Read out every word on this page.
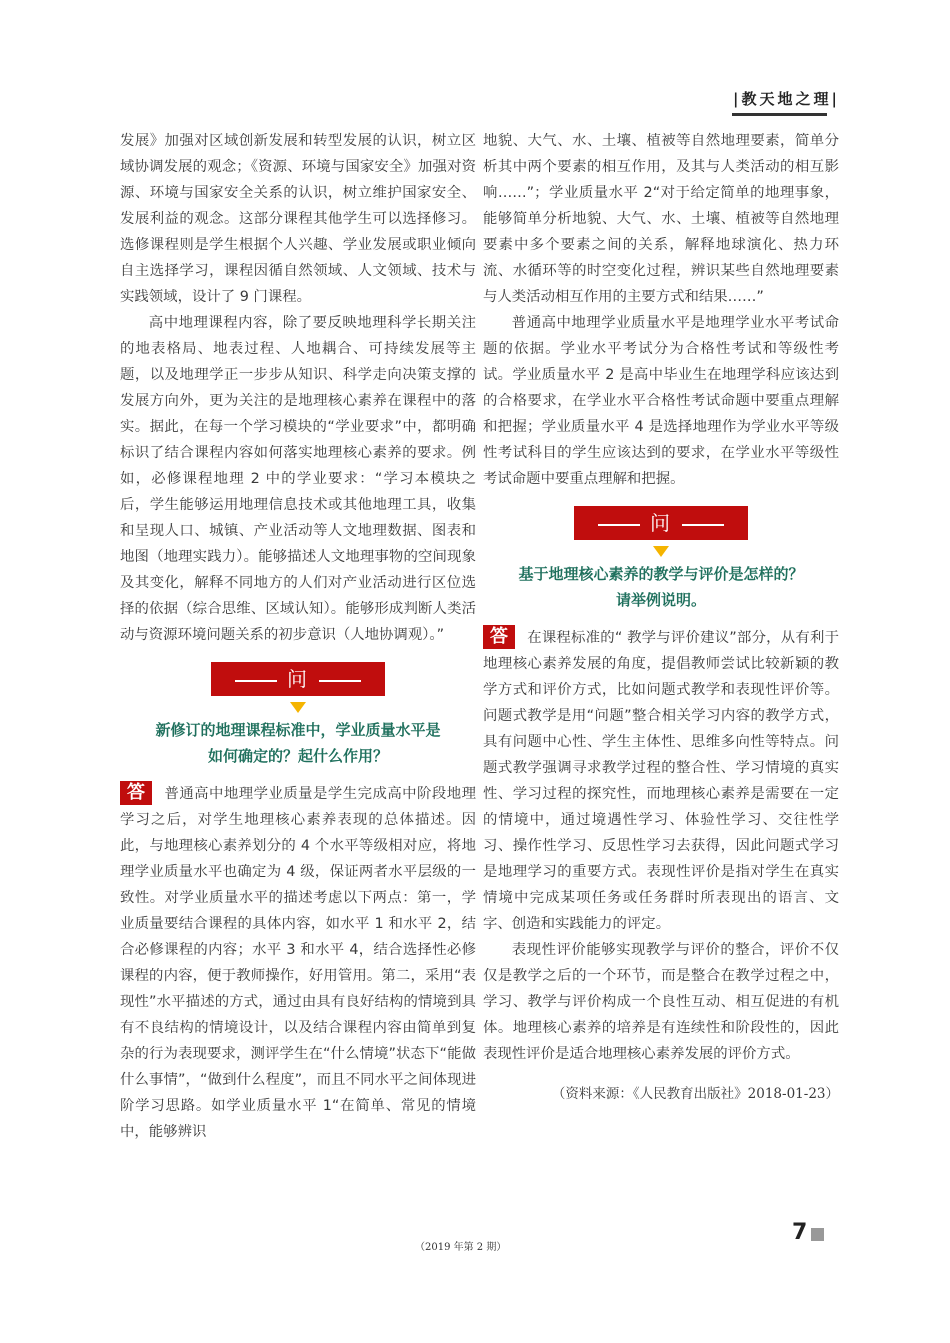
|教天地之理|

发展》加强对区域创新发展和转型发展的认识，树立区域协调发展的观念；《资源、环境与国家安全》加强对资源、环境与国家安全关系的认识，树立维护国家安全、发展利益的观念。这部分课程其他学生可以选择修习。选修课程则是学生根据个人兴趣、学业发展或职业倾向自主选择学习，课程因循自然领域、人文领域、技术与实践领域，设计了 9 门课程。

高中地理课程内容，除了要反映地理科学长期关注的地表格局、地表过程、人地耦合、可持续发展等主题，以及地理学正一步步从知识、科学走向决策支撑的发展方向外，更为关注的是地理核心素养在课程中的落实。据此，在每一个学习模块的“学业要求”中，都明确标识了结合课程内容如何落实地理核心素养的要求。例如，必修课程地理 2 中的学业要求：“学习本模块之后，学生能够运用地理信息技术或其他地理工具，收集和呈现人口、城镇、产业活动等人文地理数据、图表和地图（地理实践力）。能够描述人文地理事物的空间现象及其变化，解释不同地方的人们对产业活动进行区位选择的依据（综合思维、区域认知）。能够形成判断人类活动与资源环境问题关系的初步意识（人地协调观）。”

问
新修订的地理课程标准中，学业质量水平是
如何确定的？起什么作用？

答 普通高中地理学业质量是学生完成高中阶段地理学习之后，对学生地理核心素养表现的总体描述。因此，与地理核心素养划分的 4 个水平等级相对应，将地理学业质量水平也确定为 4 级，保证两者水平层级的一致性。对学业质量水平的描述考虑以下两点：第一，学业质量要结合课程的具体内容，如水平 1 和水平 2，结合必修课程的内容；水平 3 和水平 4，结合选择性必修课程的内容，便于教师操作，好用管用。第二，采用“表现性”水平描述的方式，通过由具有良好结构的情境到具有不良结构的情境设计，以及结合课程内容由简单到复杂的行为表现要求，测评学生在“什么情境”状态下“能做什么事情”，“做到什么程度”，而且不同水平之间体现进阶学习思路。如学业质量水平 1“在简单、常见的情境中，能够辨识

地貌、大气、水、土壤、植被等自然地理要素，简单分析其中两个要素的相互作用，及其与人类活动的相互影响……”；学业质量水平 2“对于给定简单的地理事象，能够简单分析地貌、大气、水、土壤、植被等自然地理要素中多个要素之间的关系，解释地球演化、热力环流、水循环等的时空变化过程，辨识某些自然地理要素与人类活动相互作用的主要方式和结果……”

普通高中地理学业质量水平是地理学业水平考试命题的依据。学业水平考试分为合格性考试和等级性考试。学业质量水平 2 是高中毕业生在地理学科应该达到的合格要求，在学业水平合格性考试命题中要重点理解和把握；学业质量水平 4 是选择地理作为学业水平等级性考试科目的学生应该达到的要求，在学业水平等级性考试命题中要重点理解和把握。

问
基于地理核心素养的教学与评价是怎样的？
请举例说明。

答 在课程标准的“ 教学与评价建议”部分，从有利于地理核心素养发展的角度，提倡教师尝试比较新颖的教学方式和评价方式，比如问题式教学和表现性评价等。问题式教学是用“问题”整合相关学习内容的教学方式，具有问题中心性、学生主体性、思维多向性等特点。问题式教学强调寻求教学过程的整合性、学习情境的真实性、学习过程的探究性，而地理核心素养是需要在一定的情境中，通过境遇性学习、体验性学习、交往性学习、操作性学习、反思性学习去获得，因此问题式学习是地理学习的重要方式。表现性评价是指对学生在真实情境中完成某项任务或任务群时所表现出的语言、文字、创造和实践能力的评定。

表现性评价能够实现教学与评价的整合，评价不仅仅是教学之后的一个环节，而是整合在教学过程之中，学习、教学与评价构成一个良性互动、相互促进的有机体。地理核心素养的培养是有连续性和阶段性的，因此表现性评价是适合地理核心素养发展的评价方式。

（资料来源：《人民教育出版社》2018-01-23）
（2019 年第 2 期）
7
